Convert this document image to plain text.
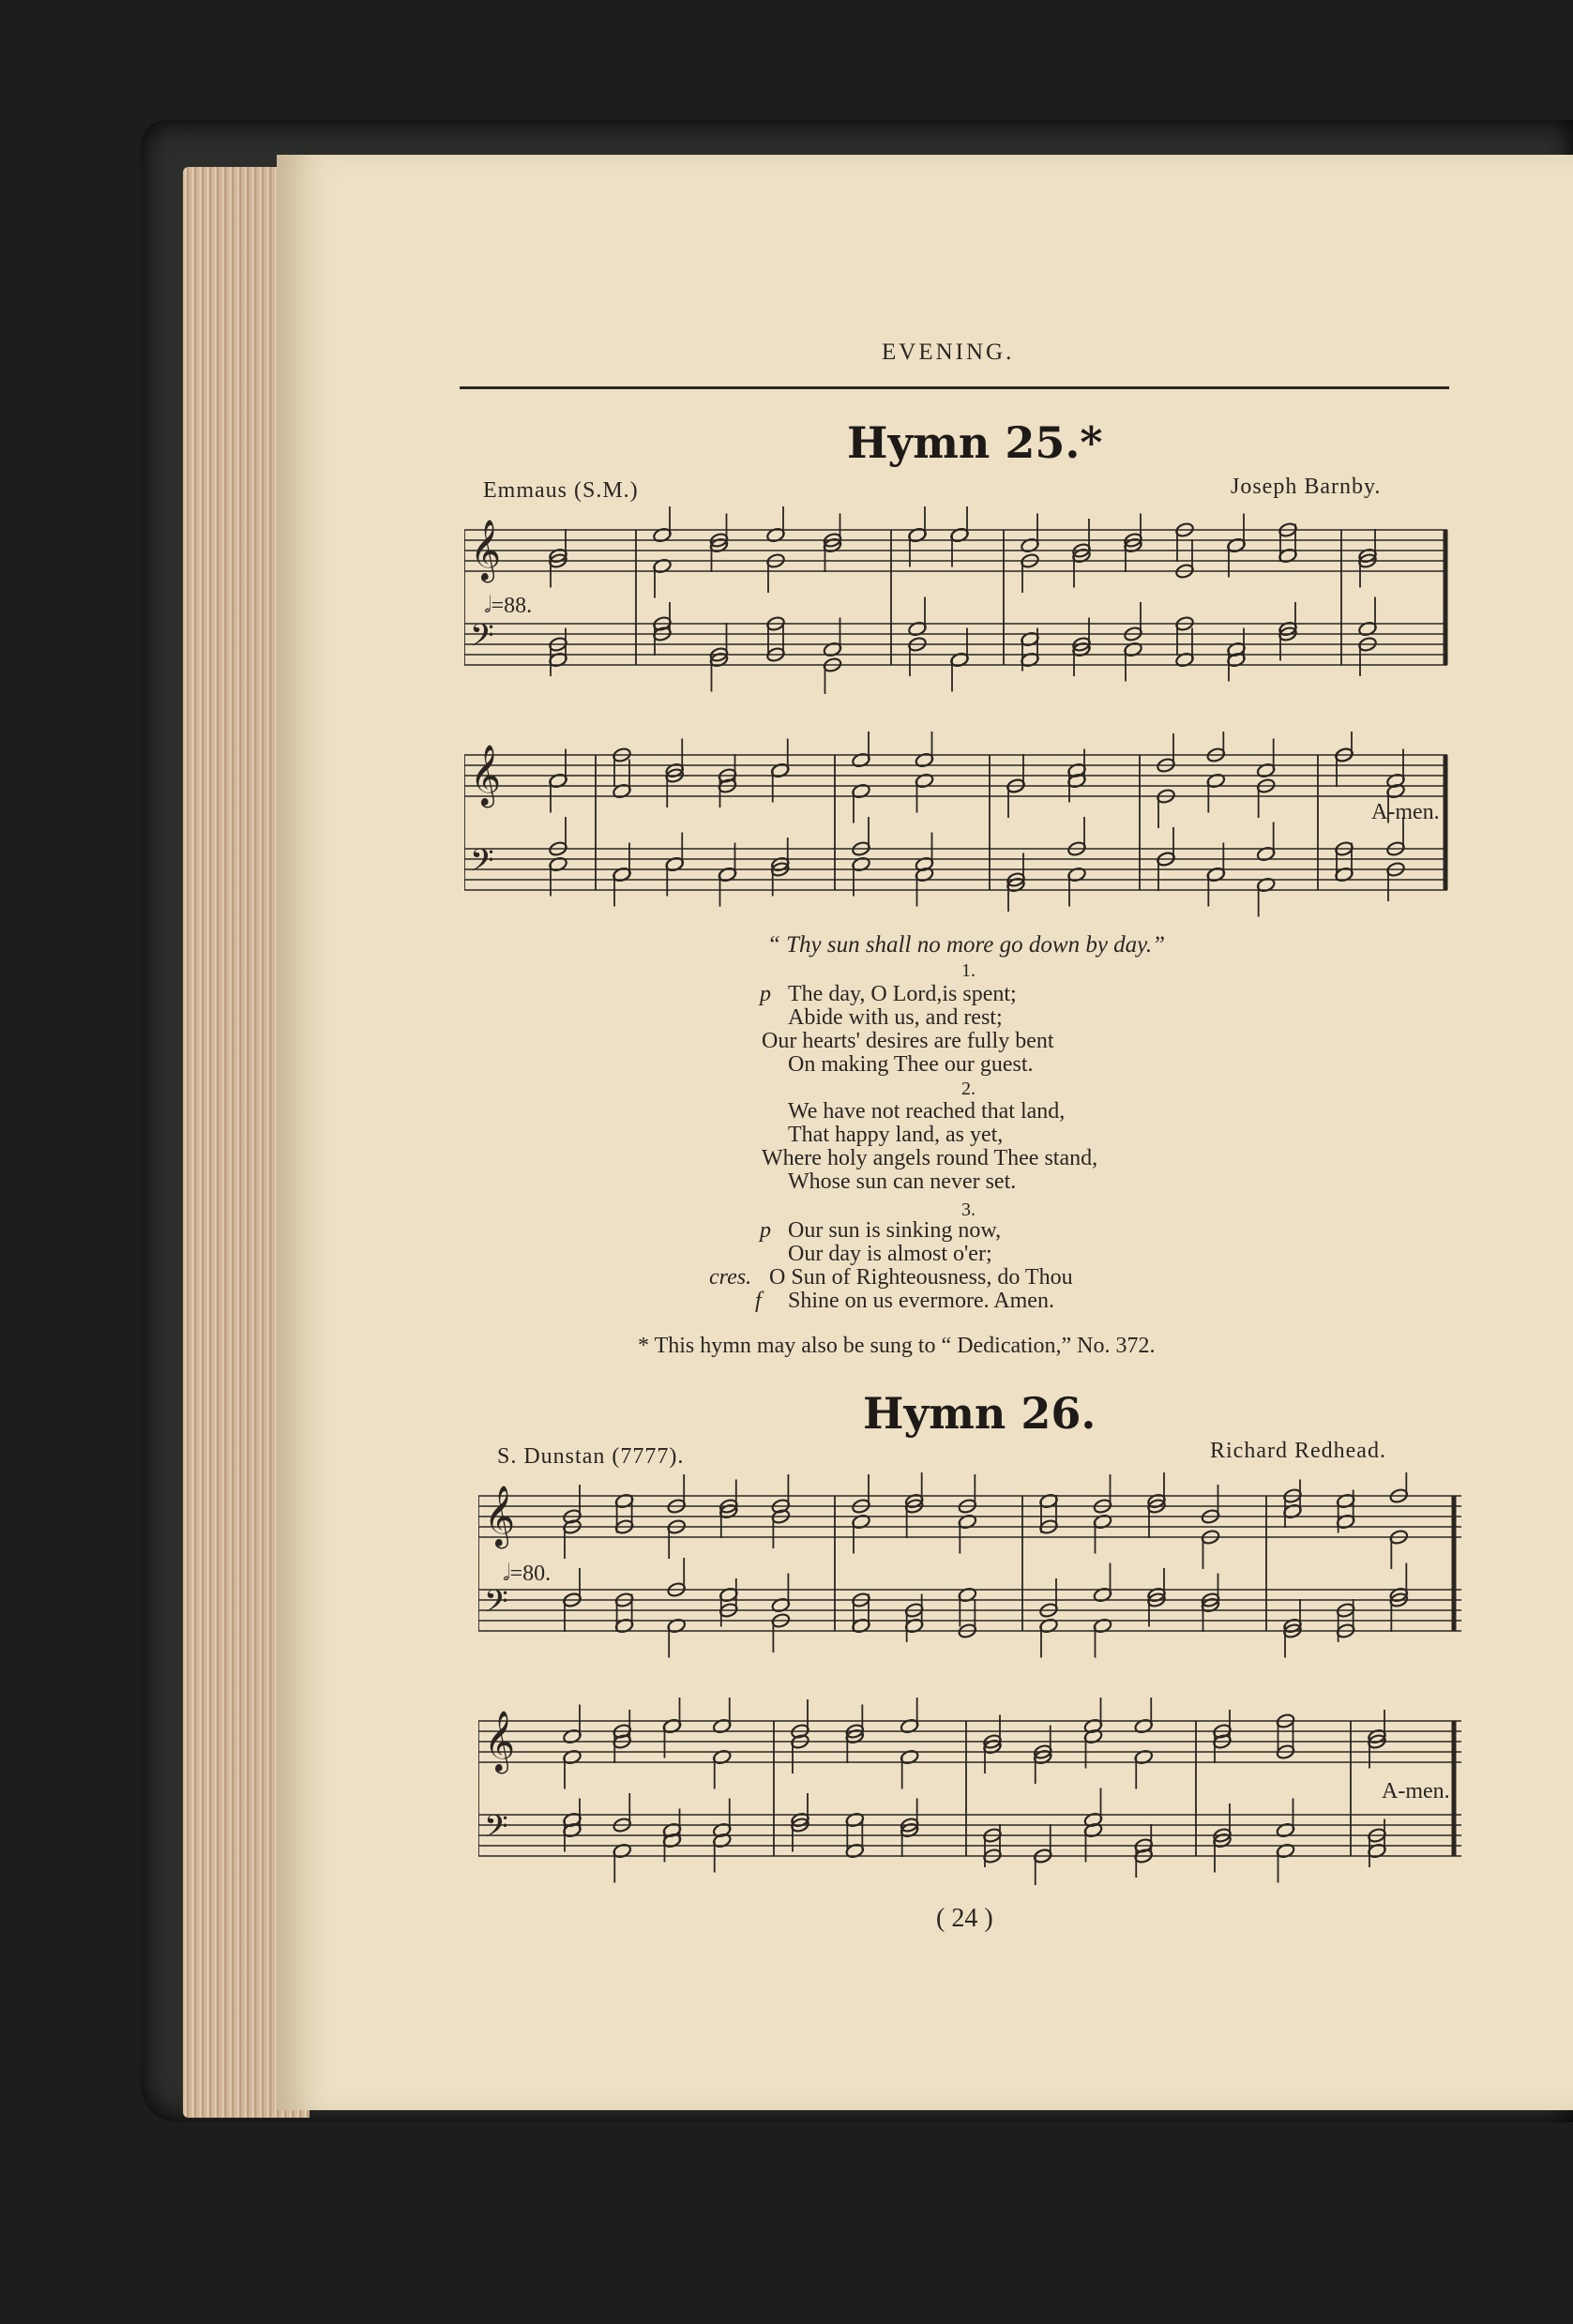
EVENING.
Hymn 25.*
Emmaus (S.M.)	Joseph Barnby.
𝅗𝅥=88.
𝄞
𝄢
𝄞
𝄢
A-men.
“ Thy sun shall no more go down by day.”
1.
p The day, O Lord,is spent;
Abide with us, and rest;
Our hearts' desires are fully bent
On making Thee our guest.
2.
We have not reached that land,
That happy land, as yet,
Where holy angels round Thee stand,
Whose sun can never set.
3.
p Our sun is sinking now,
Our day is almost o'er;
cres. O Sun of Righteousness, do Thou
f Shine on us evermore. Amen.
* This hymn may also be sung to “ Dedication,” No. 372.
Hymn 26.
S. Dunstan (7777).	Richard Redhead.
𝅗𝅥=80.
𝄞
𝄢
𝄞
𝄢
A-men.
( 24 )
